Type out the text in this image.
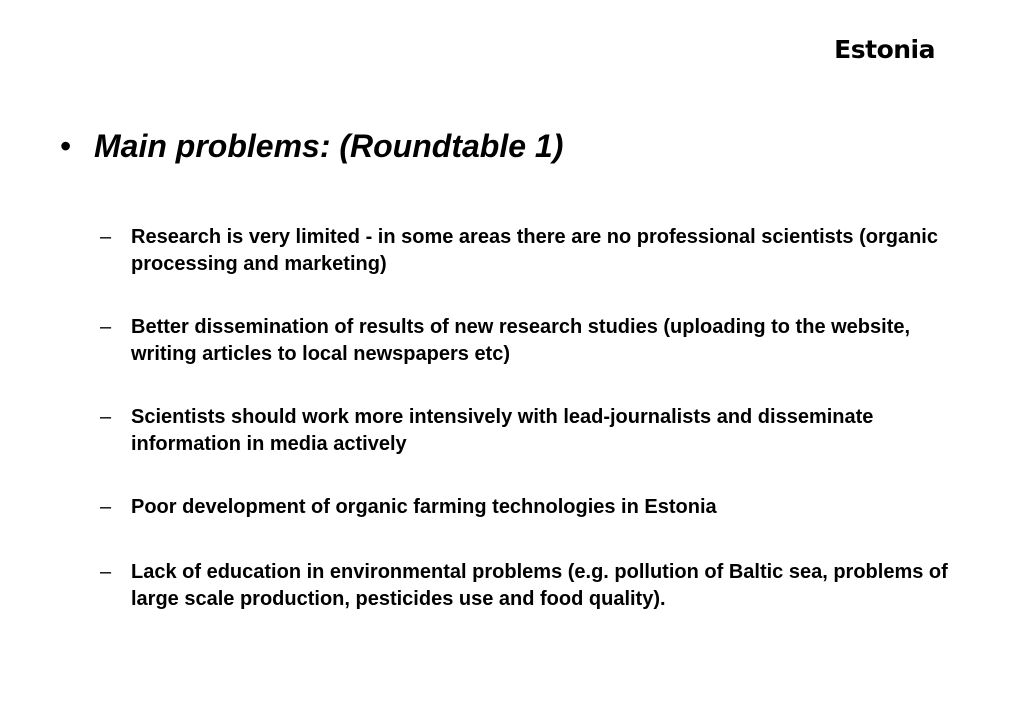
Estonia
• Main problems: (Roundtable 1)
– Research is very limited - in some areas there are no professional scientists (organic processing and marketing)
– Better dissemination of results of new research studies (uploading to the website, writing articles to local newspapers etc)
– Scientists should work more intensively with lead-journalists and disseminate information in media actively
– Poor development of organic farming technologies in Estonia
– Lack of education in environmental problems (e.g. pollution of Baltic sea, problems of large scale production, pesticides use and food quality).
